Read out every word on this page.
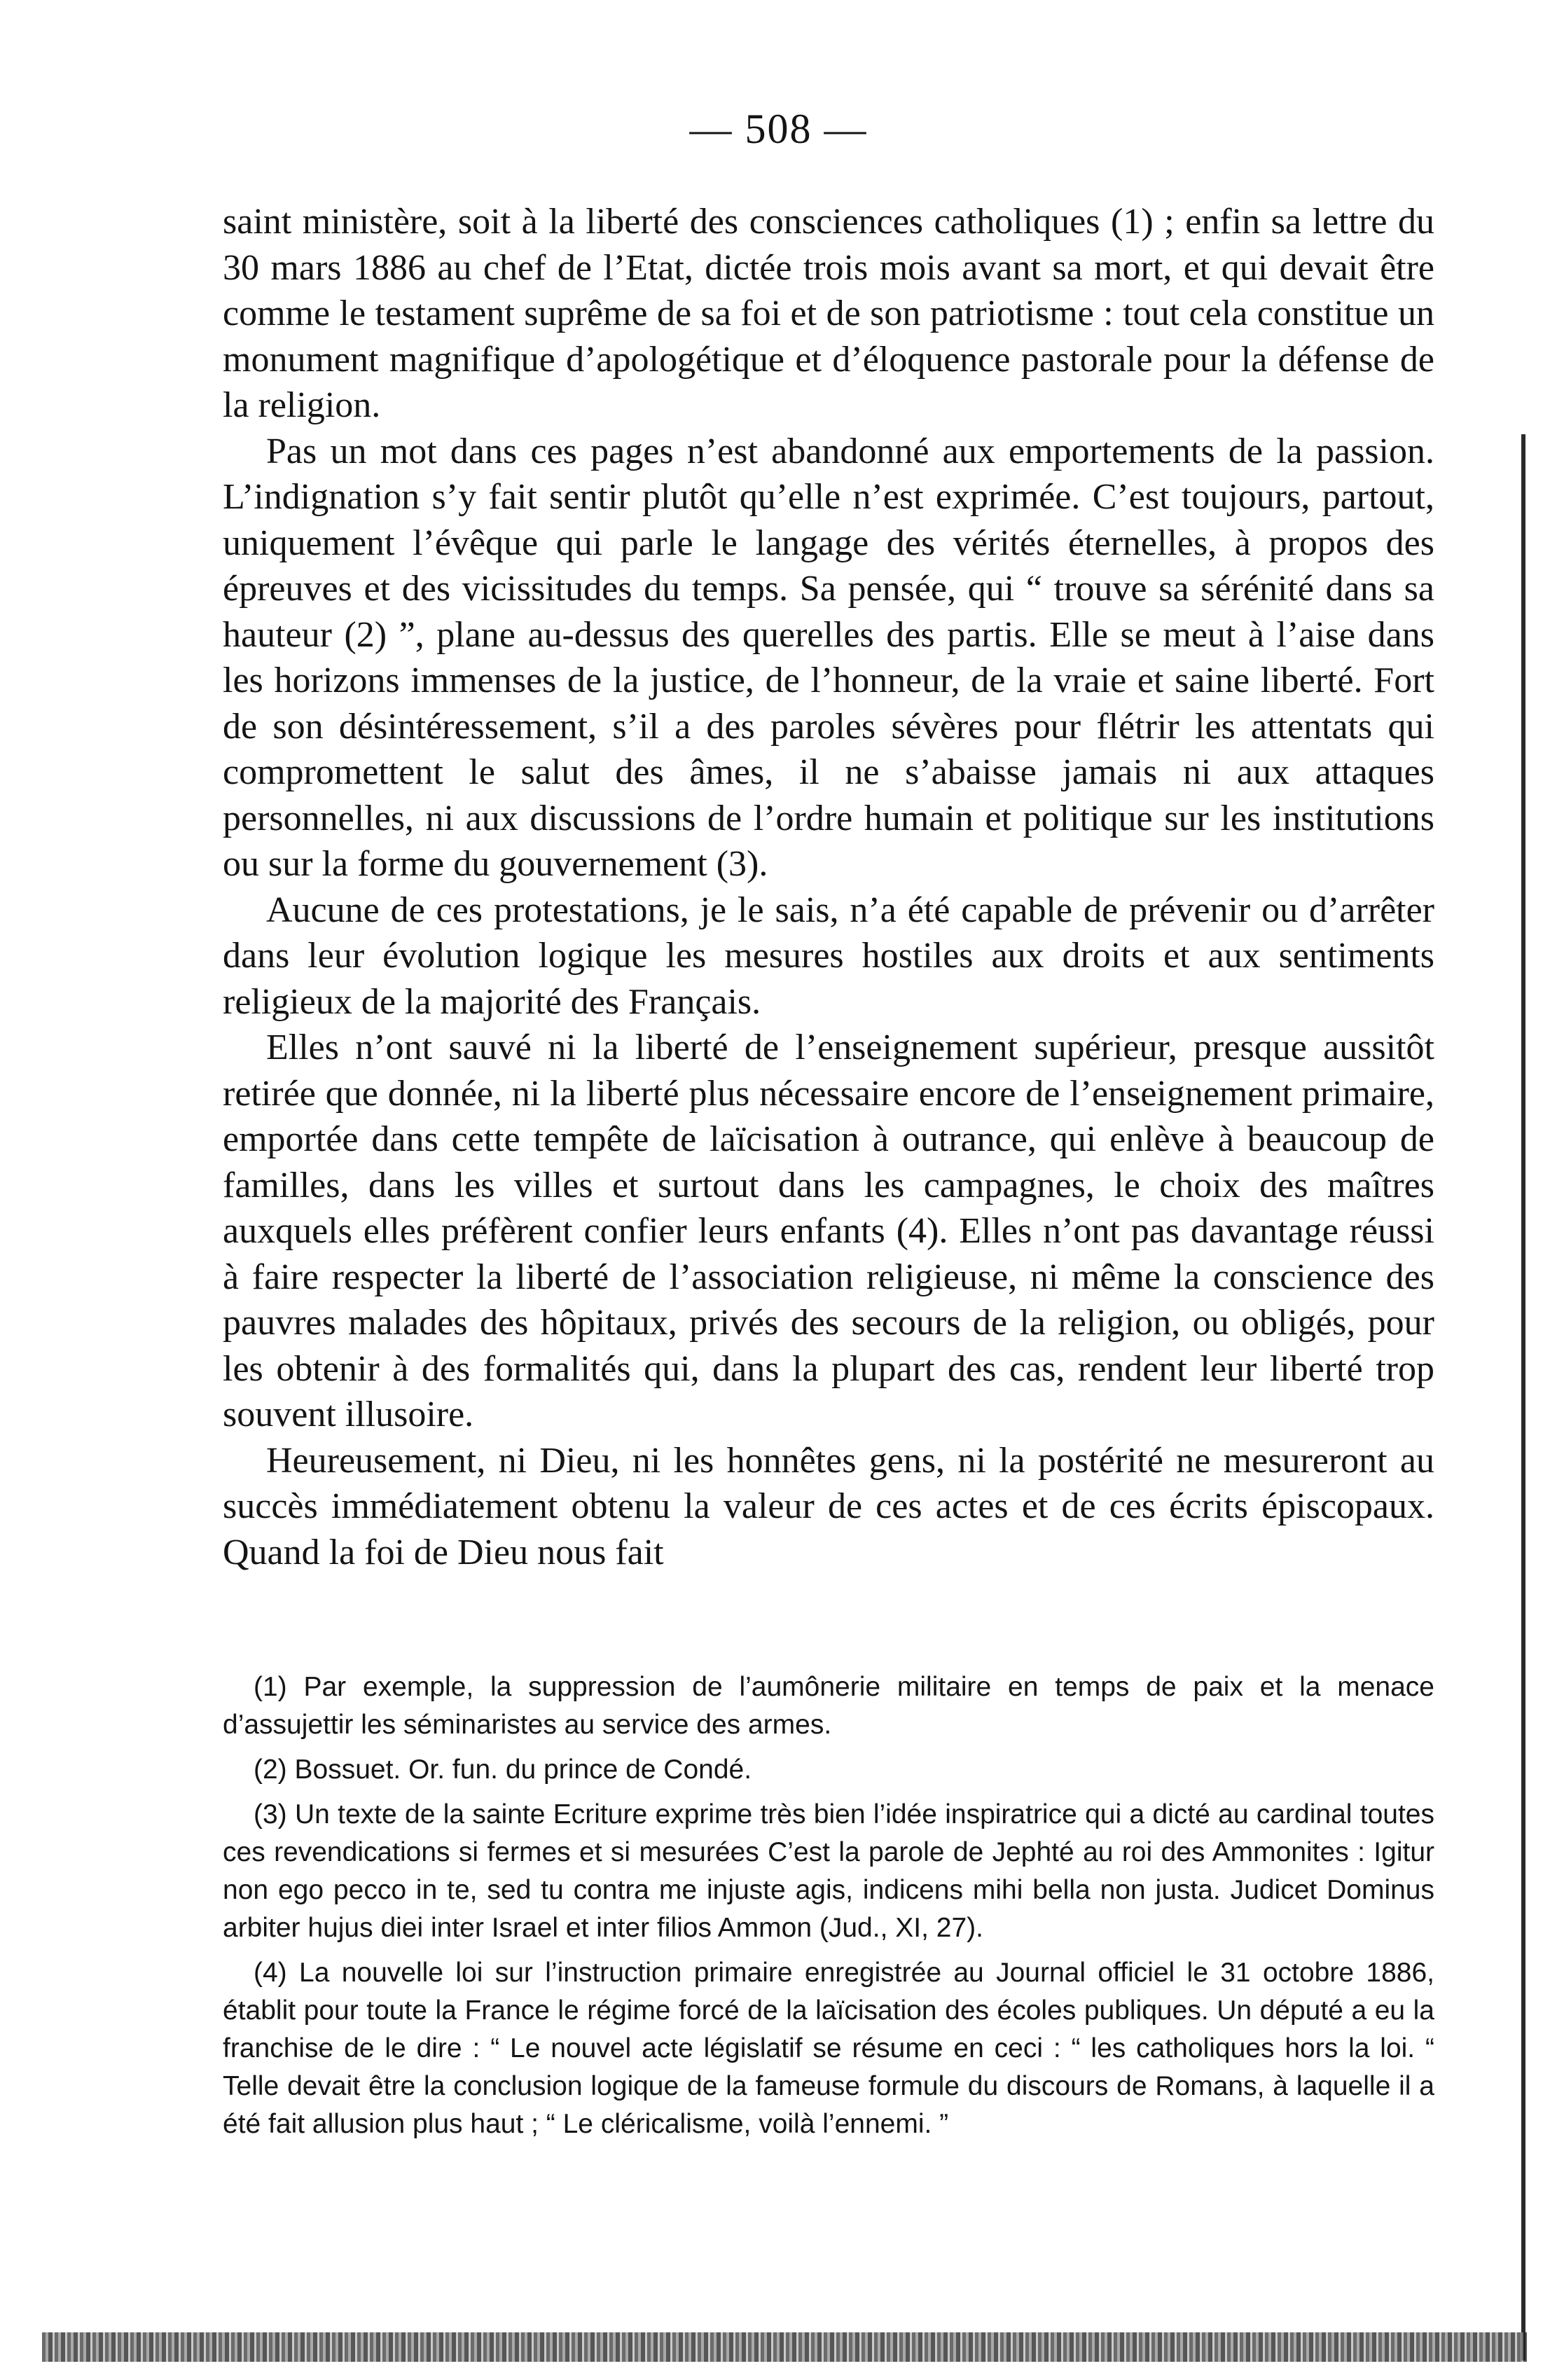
— 508 —

saint ministère, soit à la liberté des consciences catholiques (1) ; enfin sa lettre du 30 mars 1886 au chef de l’Etat, dictée trois mois avant sa mort, et qui devait être comme le testament suprême de sa foi et de son patriotisme : tout cela constitue un monument magnifique d’apologétique et d’éloquence pastorale pour la défense de la religion.

Pas un mot dans ces pages n’est abandonné aux emportements de la passion. L’indignation s’y fait sentir plutôt qu’elle n’est exprimée. C’est toujours, partout, uniquement l’évêque qui parle le langage des vérités éternelles, à propos des épreuves et des vicissitudes du temps. Sa pensée, qui “ trouve sa sérénité dans sa hauteur (2) ”, plane au-dessus des querelles des partis. Elle se meut à l’aise dans les horizons immenses de la justice, de l’honneur, de la vraie et saine liberté. Fort de son désintéressement, s’il a des paroles sévères pour flétrir les attentats qui compromettent le salut des âmes, il ne s’abaisse jamais ni aux attaques personnelles, ni aux discussions de l’ordre humain et politique sur les institutions ou sur la forme du gouvernement (3).

Aucune de ces protestations, je le sais, n’a été capable de prévenir ou d’arrêter dans leur évolution logique les mesures hostiles aux droits et aux sentiments religieux de la majorité des Français.

Elles n’ont sauvé ni la liberté de l’enseignement supérieur, presque aussitôt retirée que donnée, ni la liberté plus nécessaire encore de l’enseignement primaire, emportée dans cette tempête de laïcisation à outrance, qui enlève à beaucoup de familles, dans les villes et surtout dans les campagnes, le choix des maîtres auxquels elles préfèrent confier leurs enfants (4). Elles n’ont pas davantage réussi à faire respecter la liberté de l’association religieuse, ni même la conscience des pauvres malades des hôpitaux, privés des secours de la religion, ou obligés, pour les obtenir à des formalités qui, dans la plupart des cas, rendent leur liberté trop souvent illusoire.

Heureusement, ni Dieu, ni les honnêtes gens, ni la postérité ne mesureront au succès immédiatement obtenu la valeur de ces actes et de ces écrits épiscopaux. Quand la foi de Dieu nous fait

(1) Par exemple, la suppression de l’aumônerie militaire en temps de paix et la menace d’assujettir les séminaristes au service des armes.

(2) Bossuet. Or. fun. du prince de Condé.

(3) Un texte de la sainte Ecriture exprime très bien l’idée inspiratrice qui a dicté au cardinal toutes ces revendications si fermes et si mesurées C’est la parole de Jephté au roi des Ammonites : Igitur non ego pecco in te, sed tu contra me injuste agis, indicens mihi bella non justa. Judicet Dominus arbiter hujus diei inter Israel et inter filios Ammon (Jud., XI, 27).

(4) La nouvelle loi sur l’instruction primaire enregistrée au Journal officiel le 31 octobre 1886, établit pour toute la France le régime forcé de la laïcisation des écoles publiques. Un député a eu la franchise de le dire : “ Le nouvel acte législatif se résume en ceci : “ les catholiques hors la loi. “ Telle devait être la conclusion logique de la fameuse formule du discours de Romans, à laquelle il a été fait allusion plus haut ; “ Le cléricalisme, voilà l’ennemi. ”
